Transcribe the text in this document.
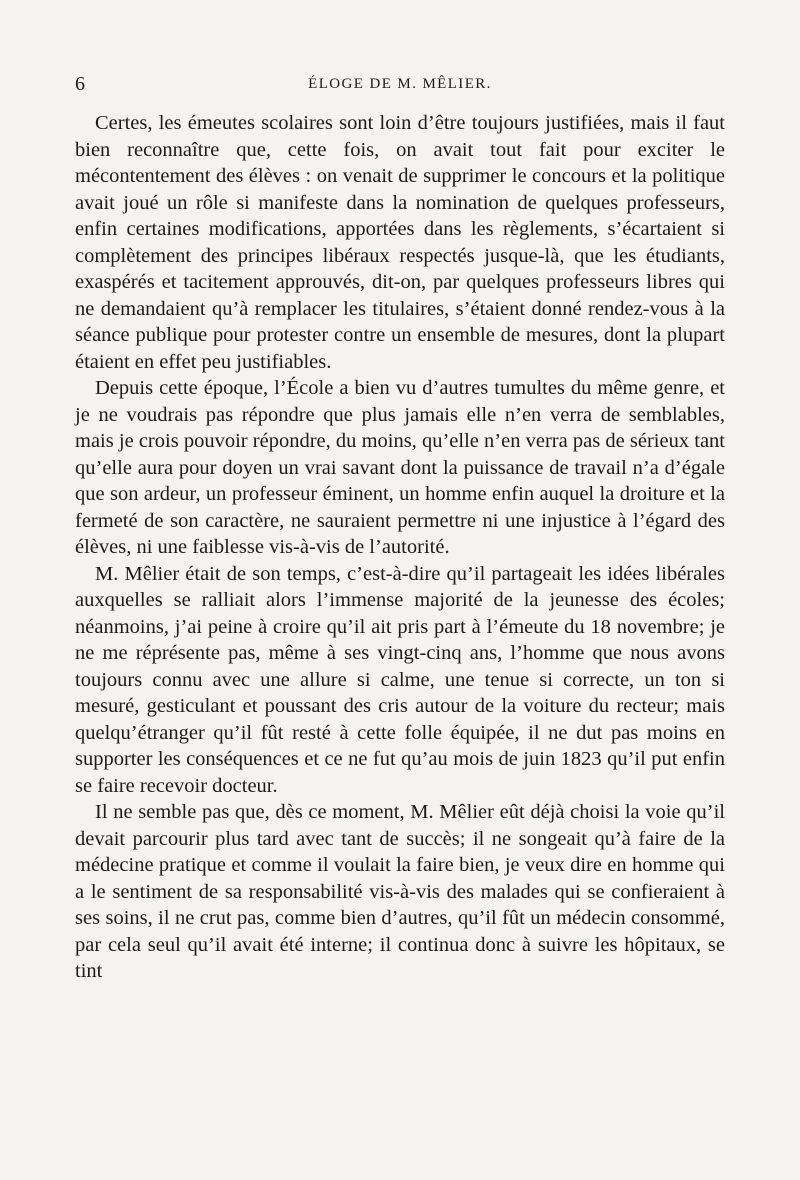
6	ÉLOGE DE M. MÊLIER.

Certes, les émeutes scolaires sont loin d’être toujours justifiées, mais il faut bien reconnaître que, cette fois, on avait tout fait pour exciter le mécontentement des élèves : on venait de supprimer le concours et la politique avait joué un rôle si manifeste dans la nomination de quelques professeurs, enfin certaines modifications, apportées dans les règlements, s’écartaient si complètement des principes libéraux respectés jusque-là, que les étudiants, exaspérés et tacitement approuvés, dit-on, par quelques professeurs libres qui ne demandaient qu’à remplacer les titulaires, s’étaient donné rendez-vous à la séance publique pour protester contre un ensemble de mesures, dont la plupart étaient en effet peu justifiables.

Depuis cette époque, l’École a bien vu d’autres tumultes du même genre, et je ne voudrais pas répondre que plus jamais elle n’en verra de semblables, mais je crois pouvoir répondre, du moins, qu’elle n’en verra pas de sérieux tant qu’elle aura pour doyen un vrai savant dont la puissance de travail n’a d’égale que son ardeur, un professeur éminent, un homme enfin auquel la droiture et la fermeté de son caractère, ne sauraient permettre ni une injustice à l’égard des élèves, ni une faiblesse vis-à-vis de l’autorité.

M. Mêlier était de son temps, c’est-à-dire qu’il partageait les idées libérales auxquelles se ralliait alors l’immense majorité de la jeunesse des écoles; néanmoins, j’ai peine à croire qu’il ait pris part à l’émeute du 18 novembre; je ne me réprésente pas, même à ses vingt-cinq ans, l’homme que nous avons toujours connu avec une allure si calme, une tenue si correcte, un ton si mesuré, gesticulant et poussant des cris autour de la voiture du recteur; mais quelqu’étranger qu’il fût resté à cette folle équipée, il ne dut pas moins en supporter les conséquences et ce ne fut qu’au mois de juin 1823 qu’il put enfin se faire recevoir docteur.

Il ne semble pas que, dès ce moment, M. Mêlier eût déjà choisi la voie qu’il devait parcourir plus tard avec tant de succès; il ne songeait qu’à faire de la médecine pratique et comme il voulait la faire bien, je veux dire en homme qui a le sentiment de sa responsabilité vis-à-vis des malades qui se confieraient à ses soins, il ne crut pas, comme bien d’autres, qu’il fût un médecin consommé, par cela seul qu’il avait été interne; il continua donc à suivre les hôpitaux, se tint
